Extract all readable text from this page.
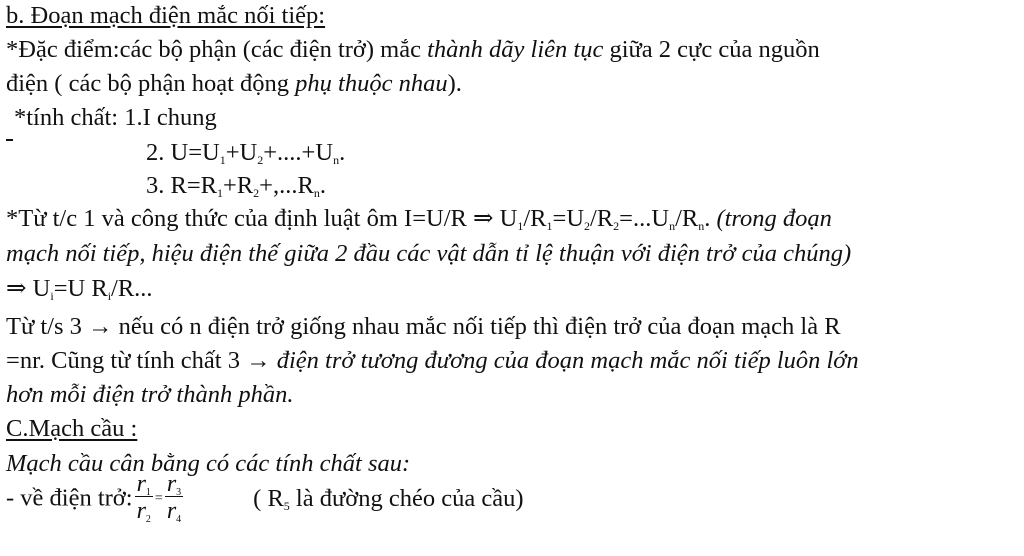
b. Đoạn mạch điện mắc nối tiếp:
*Đặc điểm:các bộ phận (các điện trở) mắc thành dãy liên tục giữa 2 cực của nguồn
điện ( các bộ phận hoạt động phụ thuộc nhau).
*tính chất: 1.I chung
2. $U=U_1+U_2+....+U_n$.
3. $R=R_1+R_2+,...R_n$.
*Từ t/c 1 và công thức của định luật ôm I=U/R ⇒ $U_1/R_1=U_2/R_2=...U_n/R_n$. (trong đoạn
mạch nối tiếp, hiệu điện thế giữa 2 đầu các vật dẫn tỉ lệ thuận với điện trở của chúng)
⇒ $U_i=U$ $R_i/R$...
Từ t/s 3 → nếu có n điện trở giống nhau mắc nối tiếp thì điện trở của đoạn mạch là R
=nr. Cũng từ tính chất 3 → điện trở tương đương của đoạn mạch mắc nối tiếp luôn lớn
hơn mỗi điện trở thành phần.
C.Mạch cầu :
Mạch cầu cân bằng có các tính chất sau:
- về điện trở: $\frac{r_1}{r_2} = \frac{r_3}{r_4}$	( $R_5$ là đường chéo của cầu)
